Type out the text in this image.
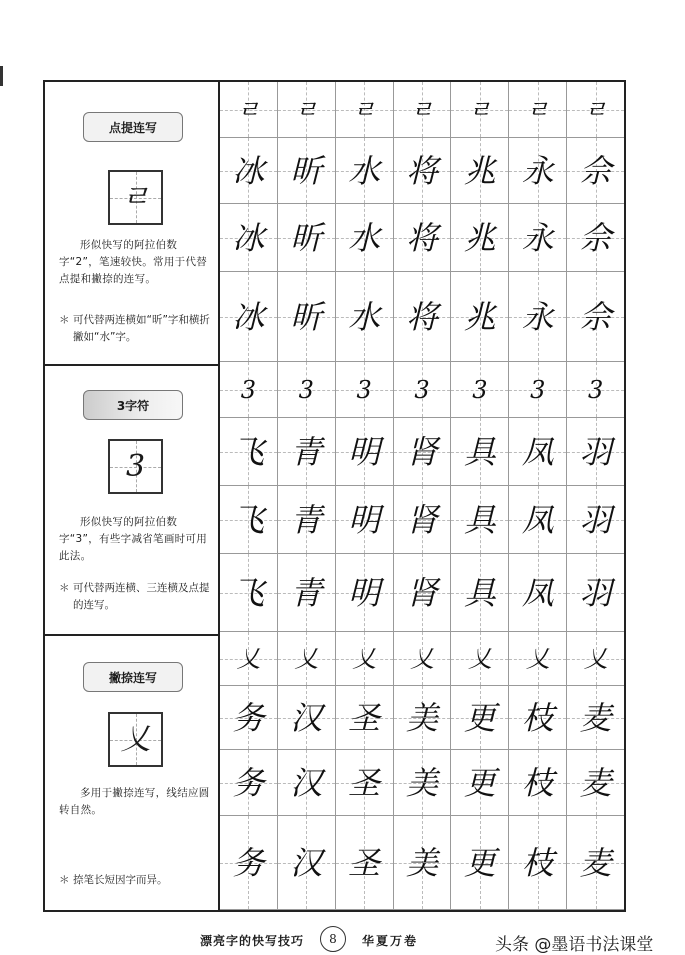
点提连写
ㄹ

形似快写的阿拉伯数字“2”，笔速较快。常用于代替点提和撇捺的连写。

＊ 可代替两连横如“昕”字和横折撇如“水”字。
3字符
3

形似快写的阿拉伯数字“3”，有些字减省笔画时可用此法。

＊ 可代替两连横、三连横及点提的连写。
撇捺连写
乂

多用于撇捺连写，线结应圆转自然。

＊ 捺笔长短因字而异。
ㄹ	ㄹ	ㄹ	ㄹ	ㄹ	ㄹ	ㄹ
冰 昕 水 将 兆 永 佘
冰 昕 水 将 兆 永 佘
冰 昕 水 将 兆 永 佘
3	3	3	3	3	3	3
飞 青 明 肾 具 凤 羽
飞 青 明 肾 具 凤 羽
飞 青 明 肾 具 凤 羽
乂	乂	乂	乂	乂	乂	乂
务 汉 圣 美 更 枝 麦
务 汉 圣 美 更 枝 麦
务 汉 圣 美 更 枝 麦
漂亮字的快写技巧	8	华夏万卷	头条 @墨语书法课堂
